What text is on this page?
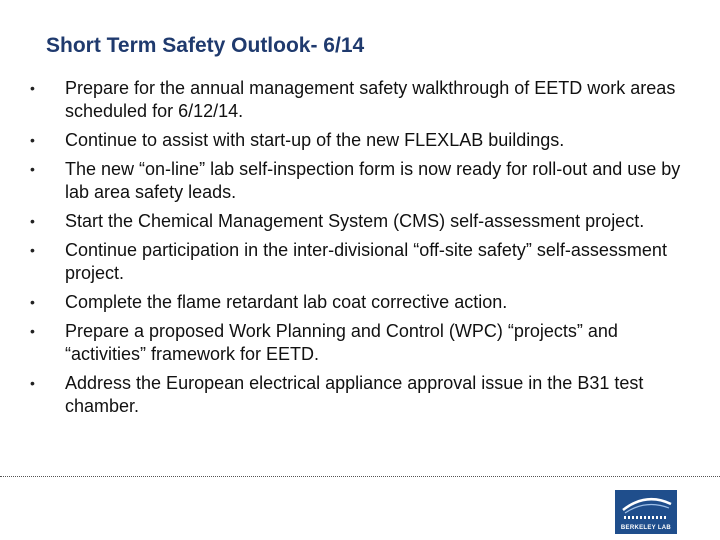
Short Term Safety Outlook- 6/14
• Prepare for the annual management safety walkthrough of EETD work areas scheduled for 6/12/14.
• Continue to assist with start-up of the new FLEXLAB buildings.
• The new “on-line” lab self-inspection form is now ready for roll-out and use by lab area safety leads.
• Start the Chemical Management System (CMS) self-assessment project.
• Continue participation in the inter-divisional “off-site safety” self-assessment project.
• Complete the flame retardant lab coat corrective action.
• Prepare a proposed Work Planning and Control (WPC) “projects” and “activities” framework for EETD.
• Address the European electrical appliance approval issue in the B31 test chamber.
BERKELEY LAB
